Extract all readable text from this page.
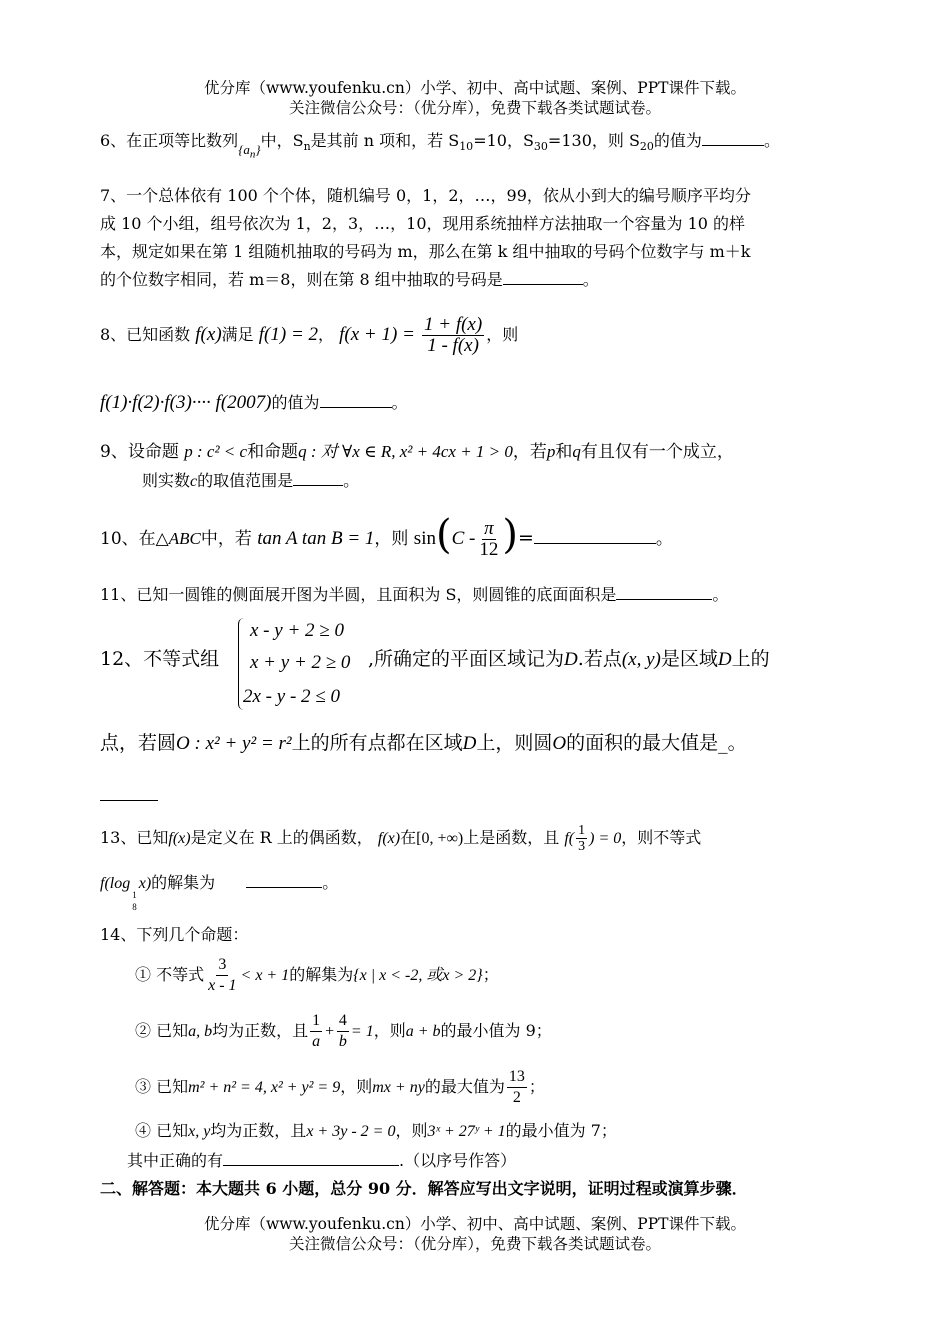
优分库（www.youfenku.cn）小学、初中、高中试题、案例、PPT课件下载。
关注微信公众号：（优分库），免费下载各类试题试卷。
6、在正项等比数列$_{\{a_n\}}$中，$S_n$是其前 n 项和，若 $S_{10}=10$，$S_{30}=130$，则 $S_{20}$的值为	。
7、一个总体依有 100 个个体，随机编号 0，1，2，…，99，依从小到大的编号顺序平均分
成 10 个小组，组号依次为 1，2，3，…，10，现用系统抽样方法抽取一个容量为 10 的样
本，规定如果在第 1 组随机抽取的号码为 m，那么在第 k 组中抽取的号码个位数字与 m＋k
的个位数字相同，若 m＝8，则在第 8 组中抽取的号码是	。
8、已知函数 f(x)满足 f(1) = 2， $f(x + 1) = \frac{1 + f(x)}{1 - f(x)}$ ，则
f(1)·f(2)·f(3)···· f(2007)的值为	。
9、设命题 p : c² < c和命题q : 对 ∀x ∈ R, x² + 4cx + 1 > 0，若p和q有且仅有一个成立，
则实数c的取值范围是	。
10、在△ABC中，若 tan A tan B = 1，则 $\sin(C - \frac{\pi}{12}$ )=	。
11、已知一圆锥的侧面展开图为半圆，且面积为 S，则圆锥的底面面积是	。
12、不等式组
x - y + 2 ≥ 0
x + y + 2 ≥ 0
2x - y - 2 ≤ 0
,所确定的平面区域记为D.若点(x, y)是区域D上的
点，若圆O : x² + y² = r²上的所有点都在区域D上，则圆O的面积的最大值是_。
13、已知f(x)是定义在 R 上的偶函数， f(x)在[0, +∞)上是函数，且 $f( \frac{1}{3}$ ) = 0，则不等式
f(log
1
8
x)的解集为	。
14、下列几个命题：
① 不等式 $\frac{3}{x - 1} < x + 1$的解集为{x | x < -2, 或x > 2}；
② 已知a, b均为正数，且 $\frac{1}{a} + \frac{4}{b} = 1$，则a + b的最小值为 9；
③ 已知m² + n² = 4, x² + y² = 9，则mx + ny的最大值为 $\frac{13}{2}$ ；
④ 已知x, y均为正数，且x + 3y - 2 = 0，则3ˣ + 27ʸ + 1的最小值为 7；
其中正确的有	.（以序号作答）
二、解答题：本大题共 6 小题，总分 90 分．解答应写出文字说明，证明过程或演算步骤．
优分库（www.youfenku.cn）小学、初中、高中试题、案例、PPT课件下载。
关注微信公众号：（优分库），免费下载各类试题试卷。
